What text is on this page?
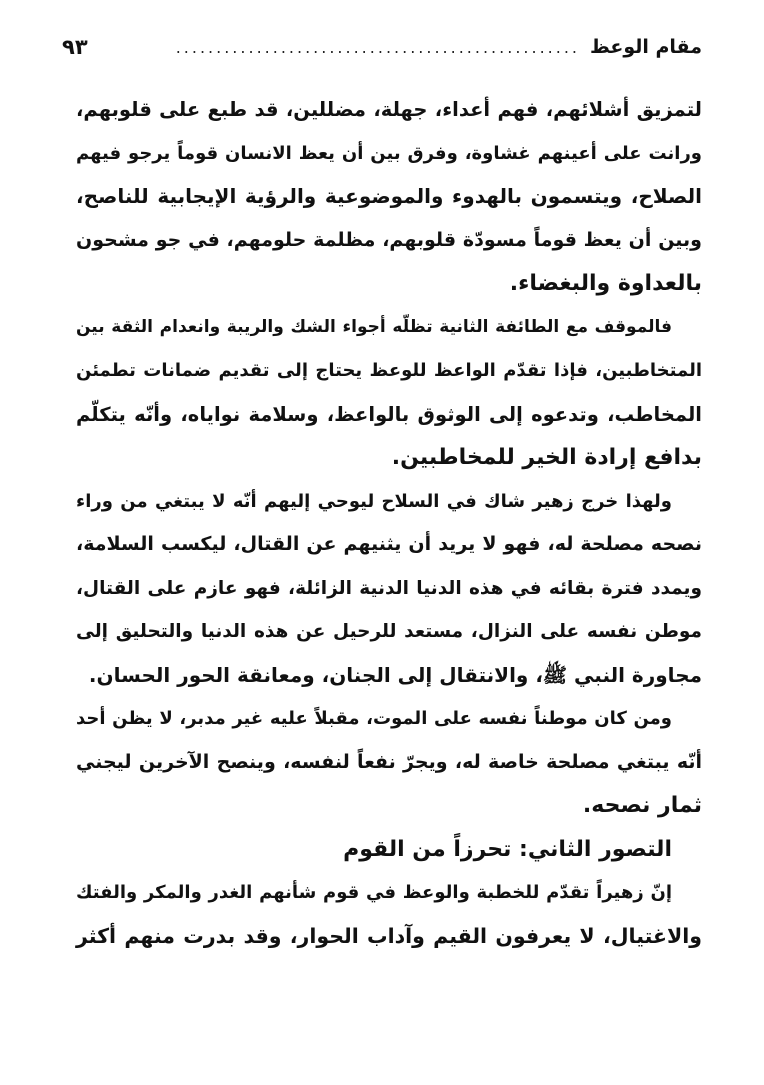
مقام الوعظ
..................................................
٩٣
لتمزيق أشلائهم، فهم أعداء، جهلة، مضللين، قد طبع على قلوبهم،
ورانت على أعينهم غشاوة، وفرق بين أن يعظ الانسان قوماً يرجو فيهم
الصلاح، ويتسمون بالهدوء والموضوعية والرؤية الإيجابية للناصح،
وبين أن يعظ قوماً مسودّة قلوبهم، مظلمة حلومهم، في جو مشحون
بالعداوة والبغضاء.
فالموقف مع الطائفة الثانية تظلّه أجواء الشك والريبة وانعدام الثقة بين
المتخاطبين، فإذا تقدّم الواعظ للوعظ يحتاج إلى تقديم ضمانات تطمئن
المخاطب، وتدعوه إلى الوثوق بالواعظ، وسلامة نواياه، وأنّه يتكلّم
بدافع إرادة الخير للمخاطبين.
ولهذا خرج زهير شاك في السلاح ليوحي إليهم أنّه لا يبتغي من وراء
نصحه مصلحة له، فهو لا يريد أن يثنيهم عن القتال، ليكسب السلامة،
ويمدد فترة بقائه في هذه الدنيا الدنية الزائلة، فهو عازم على القتال،
موطن نفسه على النزال، مستعد للرحيل عن هذه الدنيا والتحليق إلى
مجاورة النبي ﷺ، والانتقال إلى الجنان، ومعانقة الحور الحسان.
ومن كان موطناً نفسه على الموت، مقبلاً عليه غير مدبر، لا يظن أحد
أنّه يبتغي مصلحة خاصة له، ويجرّ نفعاً لنفسه، وينصح الآخرين ليجني
ثمار نصحه.
التصور الثاني: تحرزاً من القوم
إنّ زهيراً تقدّم للخطبة والوعظ في قوم شأنهم الغدر والمكر والفتك
والاغتيال، لا يعرفون القيم وآداب الحوار، وقد بدرت منهم أكثر
